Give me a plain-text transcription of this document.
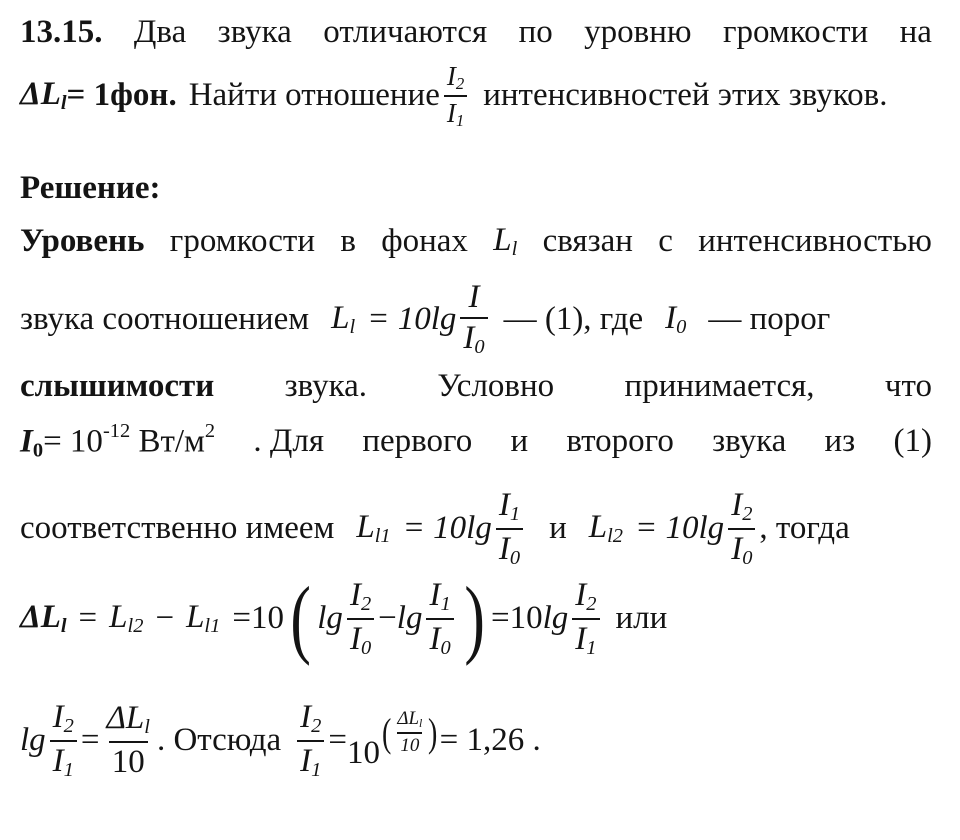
13.15. Два звука отличаются по уровню громкости на
$\Delta L_l = 1фон$. Найти отношение $\frac{I_2}{I_1}$ интенсивностей этих звуков.
Решение:
Уровень громкости в фонах $L_l$ связан с интенсивностью
звука соотношением $L_l = 10\lg \frac{I}{I_0}$ — (1), где $I_0$ — порог
слышимости звука. Условно принимается, что
$I_0= 10^{-12}$ $Вт/м^2$ . Для первого и второго звука из (1)
соответственно имеем $L_{l1} = 10\lg \frac{I_1}{I_0}$ и $L_{l2} = 10\lg \frac{I_2}{I_0}$ , тогда
$\Delta L_l = L_{l2} - L_{l1} = 10$ ( $\lg \frac{I_2}{I_0} - \lg \frac{I_1}{I_0}$ ) = 10 $\lg \frac{I_2}{I_1}$ или
$\lg \frac{I_2}{I_1} = \frac{\Delta L_l}{10}$ . Отсюда $\frac{I_2}{I_1} = 10$ ( $\frac{\Delta L_l}{10}$ ) = 1,26 .
